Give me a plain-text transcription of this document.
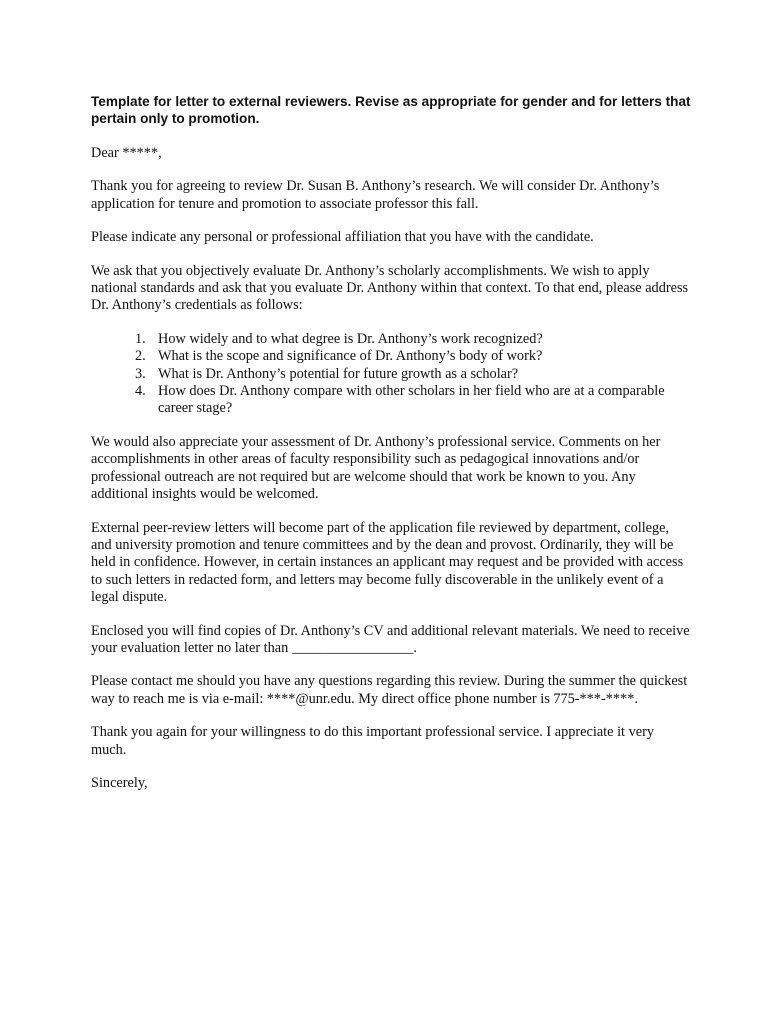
Template for letter to external reviewers. Revise as appropriate for gender and for letters that pertain only to promotion.
Dear *****,
Thank you for agreeing to review Dr. Susan B. Anthony’s research. We will consider Dr. Anthony’s application for tenure and promotion to associate professor this fall.
Please indicate any personal or professional affiliation that you have with the candidate.
We ask that you objectively evaluate Dr. Anthony’s scholarly accomplishments. We wish to apply national standards and ask that you evaluate Dr. Anthony within that context. To that end, please address Dr. Anthony’s credentials as follows:
1. How widely and to what degree is Dr. Anthony’s work recognized?
2. What is the scope and significance of Dr. Anthony’s body of work?
3. What is Dr. Anthony’s potential for future growth as a scholar?
4. How does Dr. Anthony compare with other scholars in her field who are at a comparable career stage?
We would also appreciate your assessment of Dr. Anthony’s professional service. Comments on her accomplishments in other areas of faculty responsibility such as pedagogical innovations and/or professional outreach are not required but are welcome should that work be known to you. Any additional insights would be welcomed.
External peer-review letters will become part of the application file reviewed by department, college, and university promotion and tenure committees and by the dean and provost. Ordinarily, they will be held in confidence. However, in certain instances an applicant may request and be provided with access to such letters in redacted form, and letters may become fully discoverable in the unlikely event of a legal dispute.
Enclosed you will find copies of Dr. Anthony’s CV and additional relevant materials. We need to receive your evaluation letter no later than _________________.
Please contact me should you have any questions regarding this review. During the summer the quickest way to reach me is via e-mail: ****@unr.edu. My direct office phone number is 775-***-****.
Thank you again for your willingness to do this important professional service. I appreciate it very much.
Sincerely,
